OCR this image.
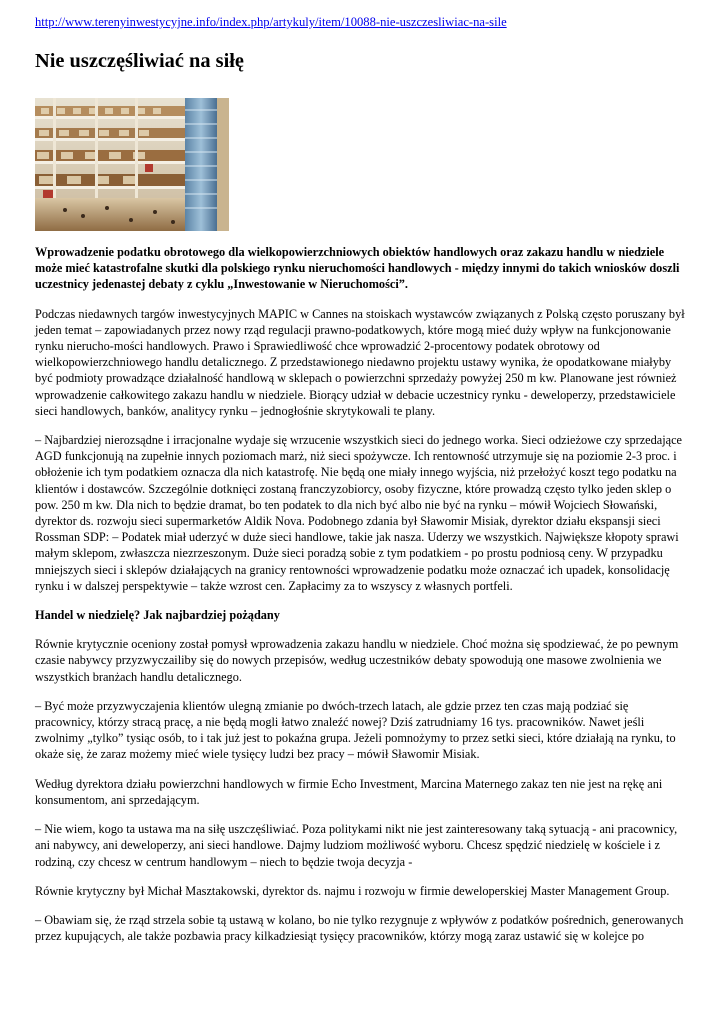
http://www.terenyinwestycyjne.info/index.php/artykuly/item/10088-nie-uszczesliwiac-na-sile
Nie uszczęśliwiać na siłę

Wprowadzenie podatku obrotowego dla wielkopowierzchniowych obiektów handlowych oraz zakazu handlu w niedziele może mieć katastrofalne skutki dla polskiego rynku nieruchomości handlowych - między innymi do takich wniosków doszli uczestnicy jedenastej debaty z cyklu „Inwestowanie w Nieruchomości”.

Podczas niedawnych targów inwestycyjnych MAPIC w Cannes na stoiskach wystawców związanych z Polską często poruszany był jeden temat – zapowiadanych przez nowy rząd regulacji prawno-podatkowych, które mogą mieć duży wpływ na funkcjonowanie rynku nierucho-mości handlowych. Prawo i Sprawiedliwość chce wprowadzić 2-procentowy podatek obrotowy od wielkopowierzchniowego handlu detalicznego. Z przedstawionego niedawno projektu ustawy wynika, że opodatkowane miałyby być podmioty prowadzące działalność handlową w sklepach o powierzchni sprzedaży powyżej 250 m kw. Planowane jest również wprowadzenie całkowitego zakazu handlu w niedziele. Biorący udział w debacie uczestnicy rynku - deweloperzy, przedstawiciele sieci handlowych, banków, analitycy rynku – jednogłośnie skrytykowali te plany.

– Najbardziej nierozsądne i irracjonalne wydaje się wrzucenie wszystkich sieci do jednego worka. Sieci odzieżowe czy sprzedające AGD funkcjonują na zupełnie innych poziomach marż, niż sieci spożywcze. Ich rentowność utrzymuje się na poziomie 2-3 proc. i obłożenie ich tym podatkiem oznacza dla nich katastrofę. Nie będą one miały innego wyjścia, niż przełożyć koszt tego podatku na klientów i dostawców. Szczególnie dotknięci zostaną franczyzobiorcy, osoby fizyczne, które prowadzą często tylko jeden sklep o pow. 250 m kw. Dla nich to będzie dramat, bo ten podatek to dla nich być albo nie być na rynku – mówił Wojciech Słowański, dyrektor ds. rozwoju sieci supermarketów Aldik Nova. Podobnego zdania był Sławomir Misiak, dyrektor działu ekspansji sieci Rossman SDP: – Podatek miał uderzyć w duże sieci handlowe, takie jak nasza. Uderzy we wszystkich. Największe kłopoty sprawi małym sklepom, zwłaszcza niezrzeszonym. Duże sieci poradzą sobie z tym podatkiem - po prostu podniosą ceny. W przypadku mniejszych sieci i sklepów działających na granicy rentowności wprowadzenie podatku może oznaczać ich upadek, konsolidację rynku i w dalszej perspektywie – także wzrost cen. Zapłacimy za to wszyscy z własnych portfeli.

Handel w niedzielę? Jak najbardziej pożądany

Równie krytycznie oceniony został pomysł wprowadzenia zakazu handlu w niedziele. Choć można się spodziewać, że po pewnym czasie nabywcy przyzwyczailiby się do nowych przepisów, według uczestników debaty spowodują one masowe zwolnienia we wszystkich branżach handlu detalicznego.

– Być może przyzwyczajenia klientów ulegną zmianie po dwóch-trzech latach, ale gdzie przez ten czas mają podziać się pracownicy, którzy stracą pracę, a nie będą mogli łatwo znaleźć nowej? Dziś zatrudniamy 16 tys. pracowników. Nawet jeśli zwolnimy „tylko” tysiąc osób, to i tak już jest to pokaźna grupa. Jeżeli pomnożymy to przez setki sieci, które działają na rynku, to okaże się, że zaraz możemy mieć wiele tysięcy ludzi bez pracy – mówił Sławomir Misiak.

Według dyrektora działu powierzchni handlowych w firmie Echo Investment, Marcina Maternego zakaz ten nie jest na rękę ani konsumentom, ani sprzedającym.

– Nie wiem, kogo ta ustawa ma na siłę uszczęśliwiać. Poza politykami nikt nie jest zainteresowany taką sytuacją - ani pracownicy, ani nabywcy, ani deweloperzy, ani sieci handlowe. Dajmy ludziom możliwość wyboru. Chcesz spędzić niedzielę w kościele i z rodziną, czy chcesz w centrum handlowym – niech to będzie twoja decyzja -

Równie krytyczny był Michał Masztakowski, dyrektor ds. najmu i rozwoju w firmie deweloperskiej Master Management Group.

– Obawiam się, że rząd strzela sobie tą ustawą w kolano, bo nie tylko rezygnuje z wpływów z podatków pośrednich, generowanych przez kupujących, ale także pozbawia pracy kilkadziesiąt tysięcy pracowników, którzy mogą zaraz ustawić się w kolejce po
